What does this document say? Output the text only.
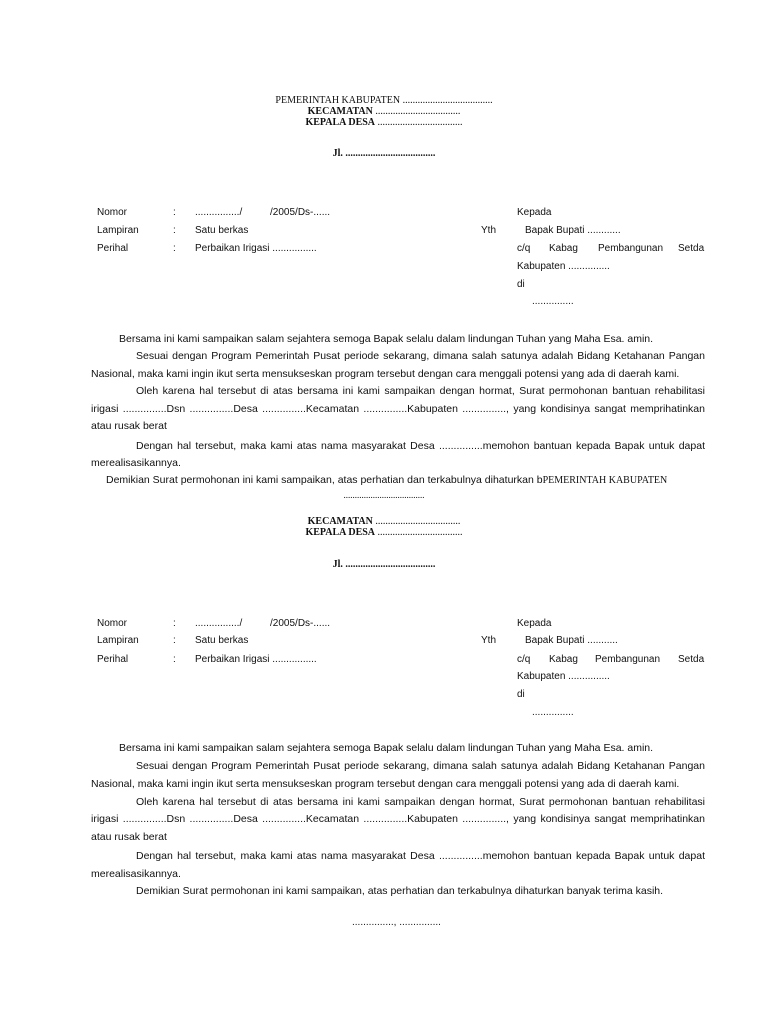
PEMERINTAH KABUPATEN ....................................
KECAMATAN ..................................
KEPALA DESA ..................................
Jl. ....................................
Nomor	: ................/          /2005/Ds-......
Lampiran	: Satu berkas
Perihal	: Perbaikan Irigasi ................
Kepada
Yth	Bapak Bupati ............
c/q Kabag Pembangunan Setda
Kabupaten ...............
di
...............
Bersama ini kami sampaikan salam sejahtera semoga Bapak selalu dalam lindungan Tuhan yang Maha Esa. amin.
Sesuai dengan Program Pemerintah Pusat periode sekarang, dimana salah satunya adalah Bidang Ketahanan Pangan
Nasional, maka kami ingin ikut serta mensukseskan program tersebut dengan cara menggali potensi yang ada di daerah kami.
Oleh karena hal tersebut di atas bersama ini kami sampaikan dengan hormat, Surat permohonan bantuan rehabilitasi
irigasi ...............Dsn ...............Desa ...............Kecamatan ...............Kabupaten ..............., yang kondisinya sangat memprihatinkan
atau rusak berat
Dengan hal tersebut, maka kami atas nama masyarakat Desa ...............memohon bantuan kepada Bapak untuk dapat
merealisasikannya.
Demikian Surat permohonan ini kami sampaikan, atas perhatian dan terkabulnya dihaturkan bPEMERINTAH KABUPATEN
....................................
KECAMATAN ..................................
KEPALA DESA ..................................
Jl. ....................................
Nomor	: ................/          /2005/Ds-......
Lampiran	: Satu berkas
Perihal	: Perbaikan Irigasi ................
Kepada
Yth	Bapak Bupati ...........
c/q Kabag Pembangunan Setda
Kabupaten ...............
di
...............
Bersama ini kami sampaikan salam sejahtera semoga Bapak selalu dalam lindungan Tuhan yang Maha Esa. amin.
Sesuai dengan Program Pemerintah Pusat periode sekarang, dimana salah satunya adalah Bidang Ketahanan Pangan
Nasional, maka kami ingin ikut serta mensukseskan program tersebut dengan cara menggali potensi yang ada di daerah kami.
Oleh karena hal tersebut di atas bersama ini kami sampaikan dengan hormat, Surat permohonan bantuan rehabilitasi
irigasi ...............Dsn ...............Desa ...............Kecamatan ...............Kabupaten ..............., yang kondisinya sangat memprihatinkan
atau rusak berat
Dengan hal tersebut, maka kami atas nama masyarakat Desa ...............memohon bantuan kepada Bapak untuk dapat
merealisasikannya.
Demikian Surat permohonan ini kami sampaikan, atas perhatian dan terkabulnya dihaturkan banyak terima kasih.
..............., ...............
